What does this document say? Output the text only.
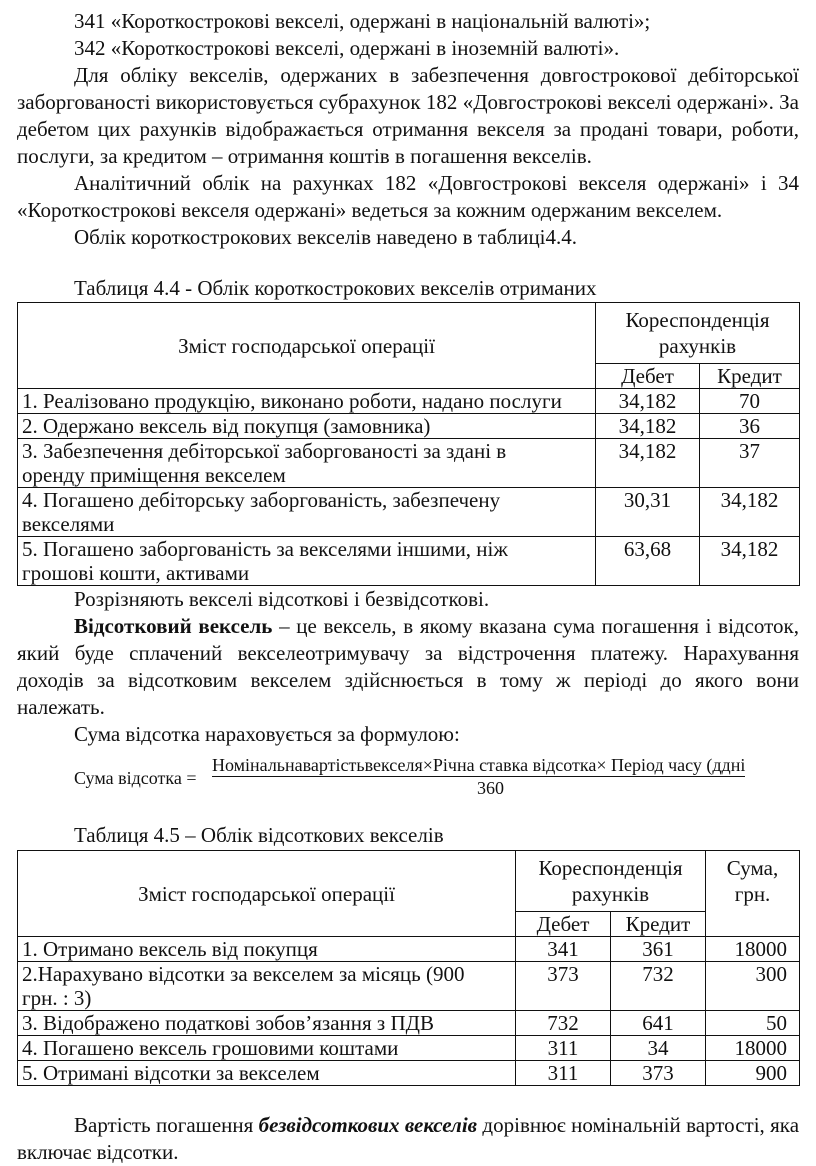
341 «Короткострокові векселі, одержані в національній валюті»;

342 «Короткострокові векселі, одержані в іноземній валюті».

Для обліку векселів, одержаних в забезпечення довгострокової дебіторської заборгованості використовується субрахунок 182 «Довгострокові векселі одержані». За дебетом цих рахунків відображається отримання векселя за продані товари, роботи, послуги, за кредитом – отримання коштів в погашення векселів.

Аналітичний облік на рахунках 182 «Довгострокові векселя одержані» і 34 «Короткострокові векселя одержані» ведеться за кожним одержаним векселем.

Облік короткострокових векселів наведено в таблиці4.4.

Таблиця 4.4 - Облік короткострокових векселів отриманих

Зміст господарської операції	Кореспонденція рахунків	
	Дебет	Кредит
1. Реалізовано продукцію, виконано роботи, надано послуги	34,182	70
2. Одержано вексель від покупця (замовника)	34,182	36
3. Забезпечення дебіторської заборгованості за здані в оренду приміщення векселем	34,182	37
4. Погашено дебіторську заборгованість, забезпечену векселями	30,31	34,182
5. Погашено заборгованість за векселями іншими, ніж грошові кошти, активами	63,68	34,182

Розрізняють векселі відсоткові і безвідсоткові.

Відсотковий вексель – це вексель, в якому вказана сума погашення і відсоток, який буде сплачений векселеотримувачу за відстрочення платежу. Нарахування доходів за відсотковим векселем здійснюється в тому ж періоді до якого вони належать.

Сума відсотка нараховується за формулою:

Сума відсотка =
Номінальнавартістьвекселя×Річна ставка відсотка× Період часу (ддні
360

Таблиця 4.5 – Облік відсоткових векселів

Зміст господарської операції	Кореспонденція рахунків		Сума, грн.
	Дебет	Кредит	
1. Отримано вексель від покупця	341	361	18000
2.Нарахувано відсотки за векселем за місяць (900 грн. : 3)	373	732	300
3. Відображено податкові зобов’язання з ПДВ	732	641	50
4. Погашено вексель грошовими коштами	311	34	18000
5. Отримані відсотки за векселем	311	373	900

Вартість погашення безвідсоткових векселів дорівнює номінальній вартості, яка включає відсотки.
